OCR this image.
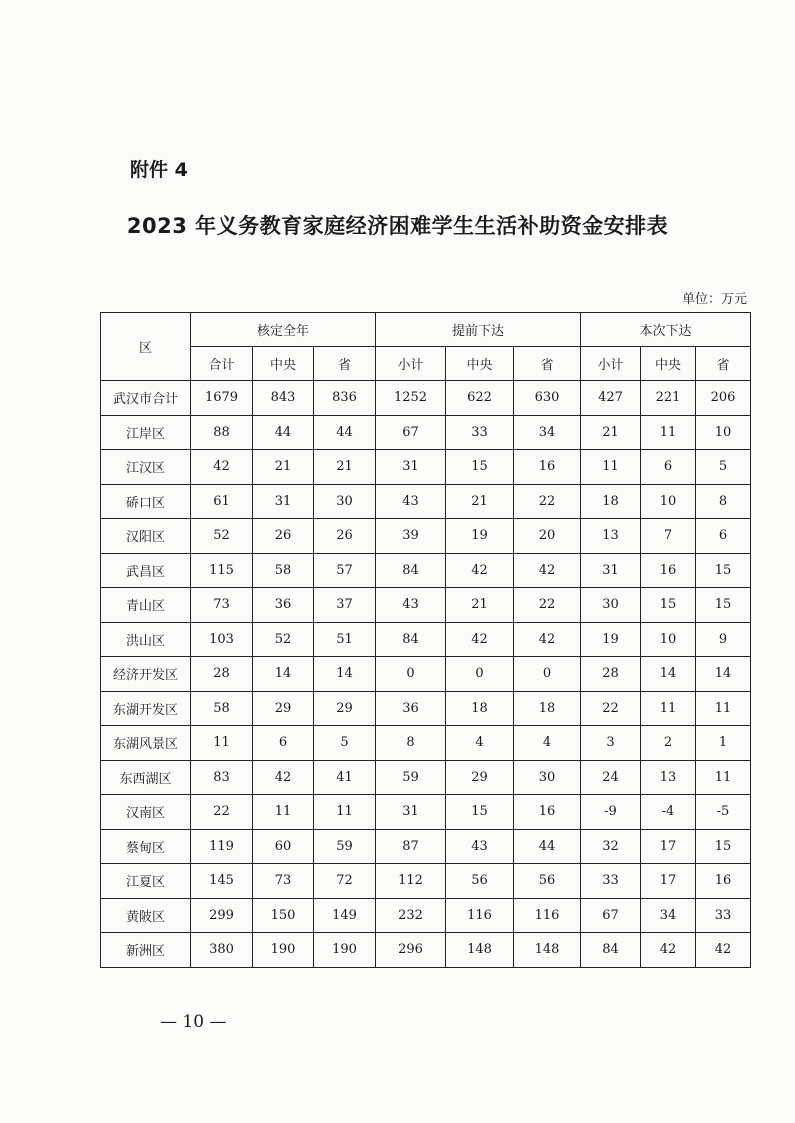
附件 4
2023 年义务教育家庭经济困难学生生活补助资金安排表
单位：万元
区	核定全年			提前下达			本次下达		
	合计	中央	省	小计	中央	省	小计	中央	省
武汉市合计	1679	843	836	1252	622	630	427	221	206
江岸区	88	44	44	67	33	34	21	11	10
江汉区	42	21	21	31	15	16	11	6	5
硚口区	61	31	30	43	21	22	18	10	8
汉阳区	52	26	26	39	19	20	13	7	6
武昌区	115	58	57	84	42	42	31	16	15
青山区	73	36	37	43	21	22	30	15	15
洪山区	103	52	51	84	42	42	19	10	9
经济开发区	28	14	14	0	0	0	28	14	14
东湖开发区	58	29	29	36	18	18	22	11	11
东湖风景区	11	6	5	8	4	4	3	2	1
东西湖区	83	42	41	59	29	30	24	13	11
汉南区	22	11	11	31	15	16	-9	-4	-5
蔡甸区	119	60	59	87	43	44	32	17	15
江夏区	145	73	72	112	56	56	33	17	16
黄陂区	299	150	149	232	116	116	67	34	33
新洲区	380	190	190	296	148	148	84	42	42
— 10 —
